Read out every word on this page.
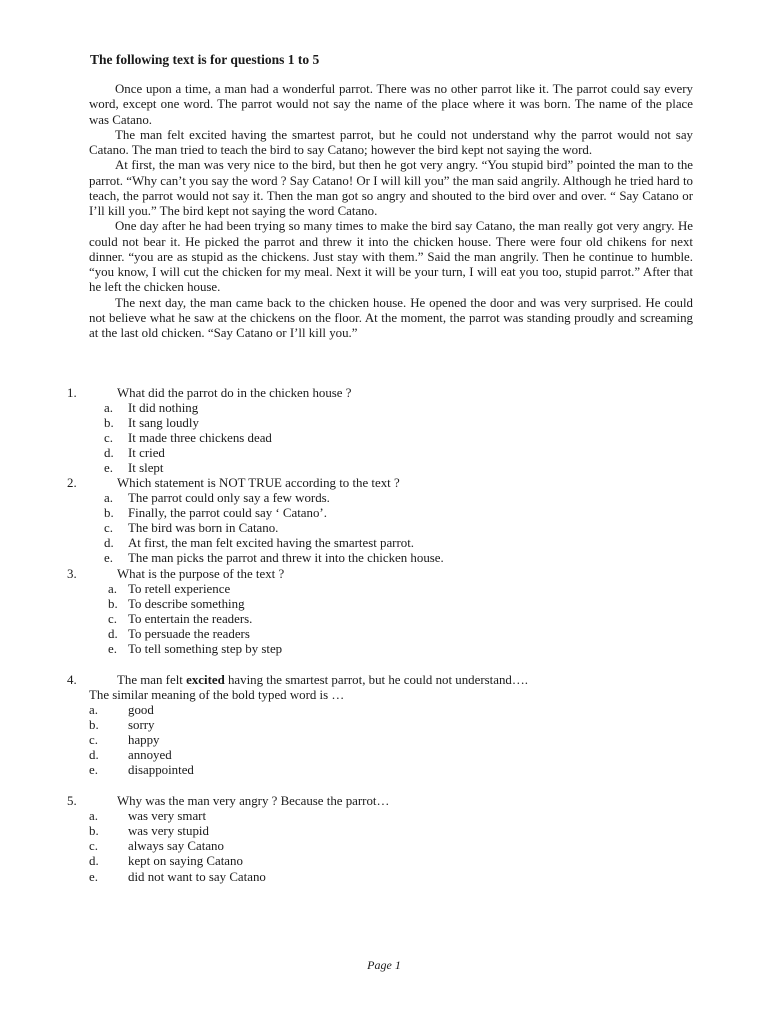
The following text is for questions 1 to 5

Once upon a time, a man had a wonderful parrot. There was no other parrot like it. The parrot could say every word, except one word. The parrot would not say the name of the place where it was born. The name of the place was Catano.

The man felt excited having the smartest parrot, but he could not understand why the parrot would not say Catano. The man tried to teach the bird to say Catano; however the bird kept not saying the word.

At first, the man was very nice to the bird, but then he got very angry. “You stupid bird” pointed the man to the parrot. “Why can’t you say the word ? Say Catano! Or I will kill you” the man said angrily. Although he tried hard to teach, the parrot would not say it. Then the man got so angry and shouted to the bird over and over. “ Say Catano or I’ll kill you.” The bird kept not saying the word Catano.

One day after he had been trying so many times to make the bird say Catano, the man really got very angry. He could not bear it. He picked the parrot and threw it into the chicken house. There were four old chikens for next dinner. “you are as stupid as the chickens. Just stay with them.” Said the man angrily. Then he continue to humble. “you know, I will cut the chicken for my meal. Next it will be your turn, I will eat you too, stupid parrot.” After that he left the chicken house.

The next day, the man came back to the chicken house. He opened the door and was very surprised. He could not believe what he saw at the chickens on the floor. At the moment, the parrot was standing proudly and screaming at the last old chicken. “Say Catano or I’ll kill you.”

1.	What did the parrot do in the chicken house ?
a. It did nothing
b. It sang loudly
c. It made three chickens dead
d. It cried
e. It slept
2.	Which statement is NOT TRUE according to the text ?
a. The parrot could only say a few words.
b. Finally, the parrot could say ‘ Catano’.
c. The bird was born in Catano.
d. At first, the man felt excited having the smartest parrot.
e. The man picks the parrot and threw it into the chicken house.
3.	What is the purpose of the text ?
a. To retell experience
b. To describe something
c. To entertain the readers.
d. To persuade the readers
e. To tell something step by step
4.	The man felt excited having the smartest parrot, but he could not understand….
The similar meaning of the bold typed word is …
a. good
b. sorry
c. happy
d. annoyed
e. disappointed
5.	Why was the man very angry ? Because the parrot…
a. was very smart
b. was very stupid
c. always say Catano
d. kept on saying Catano
e. did not want to say Catano
Page 1
